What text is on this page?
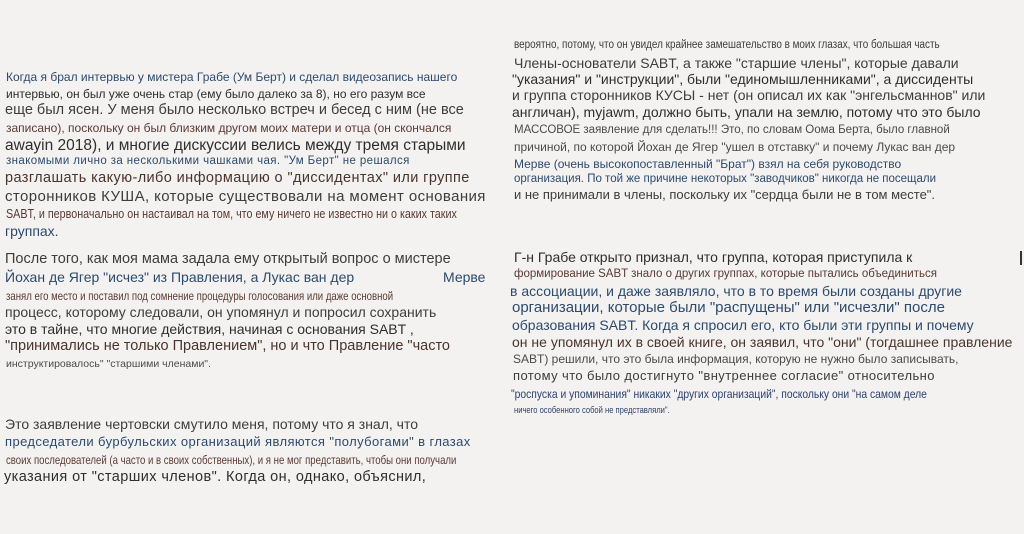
Когда я брал интервью у мистера Грабе (Ум Берт) и сделал видеозапись нашего
интервью, он был уже очень стар (ему было далеко за 8), но его разум все
еще был ясен. У меня было несколько встреч и бесед с ним (не все
записано), поскольку он был близким другом моих матери и отца (он скончался
awayin 2018), и многие дискуссии велись между тремя старыми
знакомыми лично за несколькими чашками чая. "Ум Берт" не решался
разглашать какую-либо информацию о "диссидентах" или группе
сторонников КУША, которые существовали на момент основания
SABT, и первоначально он настаивал на том, что ему ничего не известно ни о каких таких
группах.
После того, как моя мама задала ему открытый вопрос о мистере
Йохан де Ягер "исчез" из Правления, а Лукас ван дер	Мерве
занял его место и поставил под сомнение процедуры голосования или даже основной
процесс, которому следовали, он упомянул и попросил сохранить
это в тайне, что многие действия, начиная с основания SABT ,
"принимались не только Правлением", но и что Правление "часто
инструктировалось" "старшими членами".
Это заявление чертовски смутило меня, потому что я знал, что
председатели бурбульских организаций являются "полубогами" в глазах
своих последователей (а часто и в своих собственных), и я не мог представить, чтобы они получали
указания от "старших членов". Когда он, однако, объяснил,
вероятно, потому, что он увидел крайнее замешательство в моих глазах, что большая часть
Члены-основатели SABT, а также "старшие члены", которые давали
"указания" и "инструкции", были "единомышленниками", а диссиденты
и группа сторонников КУСЫ - нет (он описал их как "энгельсманнов" или
англичан), myjawm, должно быть, упали на землю, потому что это было
МАССОВОЕ заявление для сделать!!! Это, по словам Оома Берта, было главной
причиной, по которой Йохан де Ягер "ушел в отставку" и почему Лукас ван дер
Мерве (очень высокопоставленный "Брат") взял на себя руководство
организация. По той же причине некоторых "заводчиков" никогда не посещали
и не принимали в члены, поскольку их "сердца были не в том месте".
Г-н Грабе открыто признал, что группа, которая приступила к
формирование SABT знало о других группах, которые пытались объединиться
в ассоциации, и даже заявляло, что в то время были созданы другие
организации, которые были "распущены" или "исчезли" после
образования SABT. Когда я спросил его, кто были эти группы и почему
он не упомянул их в своей книге, он заявил, что "они" (тогдашнее правление
SABT) решили, что это была информация, которую не нужно было записывать,
потому что было достигнуто "внутреннее согласие" относительно
"роспуска и упоминания" никаких "других организаций", поскольку они "на самом деле
ничего особенного собой не представляли".
